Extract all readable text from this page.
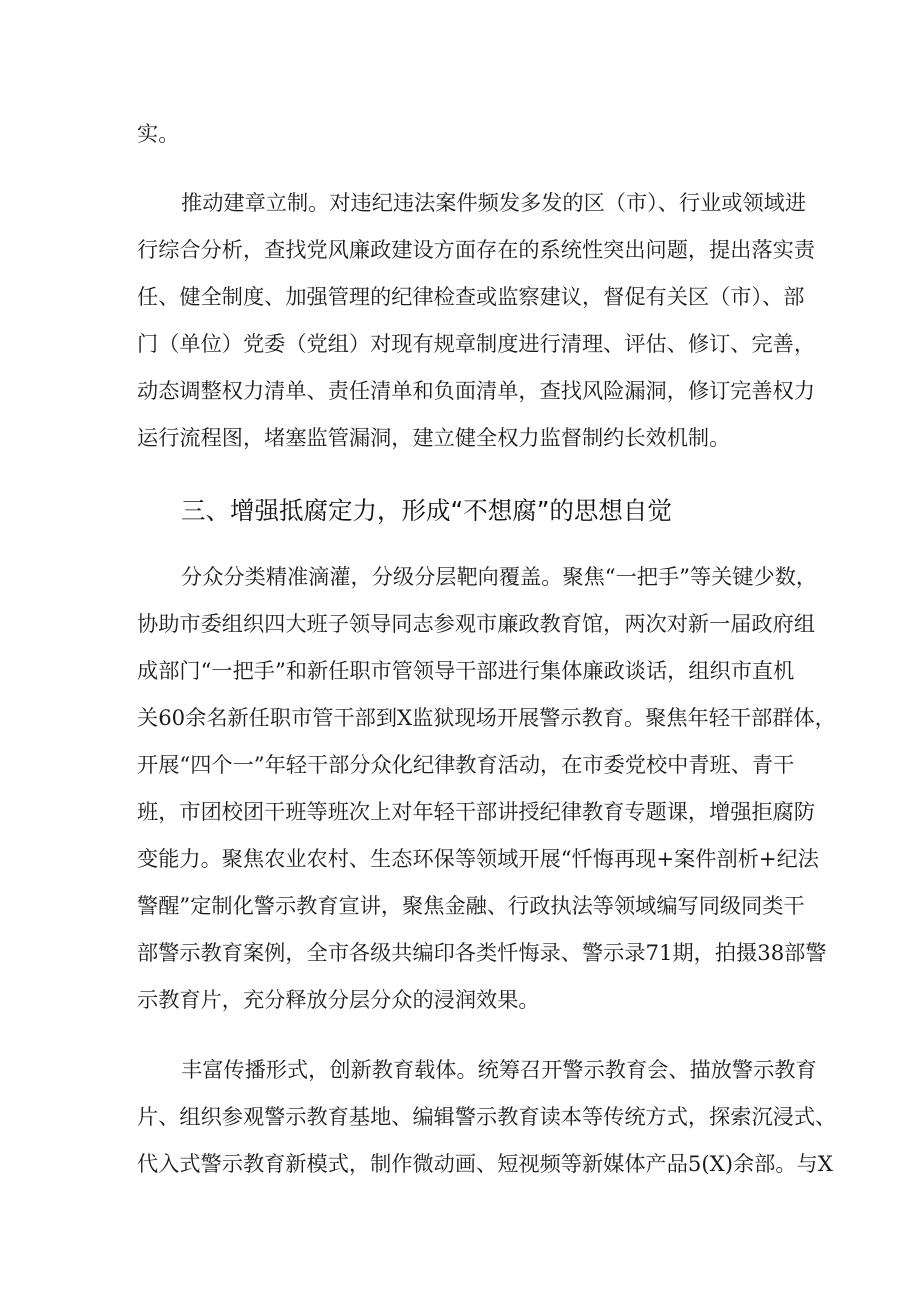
实。
推动建章立制。对违纪违法案件频发多发的区（市）、行业或领域进
行综合分析，查找党风廉政建设方面存在的系统性突出问题，提出落实责
任、健全制度、加强管理的纪律检查或监察建议，督促有关区（市）、部
门（单位）党委（党组）对现有规章制度进行清理、评估、修订、完善，
动态调整权力清单、责任清单和负面清单，查找风险漏洞，修订完善权力
运行流程图，堵塞监管漏洞，建立健全权力监督制约长效机制。
三、增强抵腐定力，形成“不想腐”的思想自觉
分众分类精准滴灌，分级分层靶向覆盖。聚焦“一把手”等关键少数，
协助市委组织四大班子领导同志参观市廉政教育馆，两次对新一届政府组
成部门“一把手”和新任职市管领导干部进行集体廉政谈话，组织市直机
关60余名新任职市管干部到X监狱现场开展警示教育。聚焦年轻干部群体，
开展“四个一”年轻干部分众化纪律教育活动，在市委党校中青班、青干
班，市团校团干班等班次上对年轻干部讲授纪律教育专题课，增强拒腐防
变能力。聚焦农业农村、生态环保等领域开展“忏悔再现+案件剖析+纪法
警醒”定制化警示教育宣讲，聚焦金融、行政执法等领域编写同级同类干
部警示教育案例，全市各级共编印各类忏悔录、警示录71期，拍摄38部警
示教育片，充分释放分层分众的浸润效果。
丰富传播形式，创新教育载体。统筹召开警示教育会、描放警示教育
片、组织参观警示教育基地、编辑警示教育读本等传统方式，探索沉浸式、
代入式警示教育新模式，制作微动画、短视频等新媒体产品5(X)余部。与X
